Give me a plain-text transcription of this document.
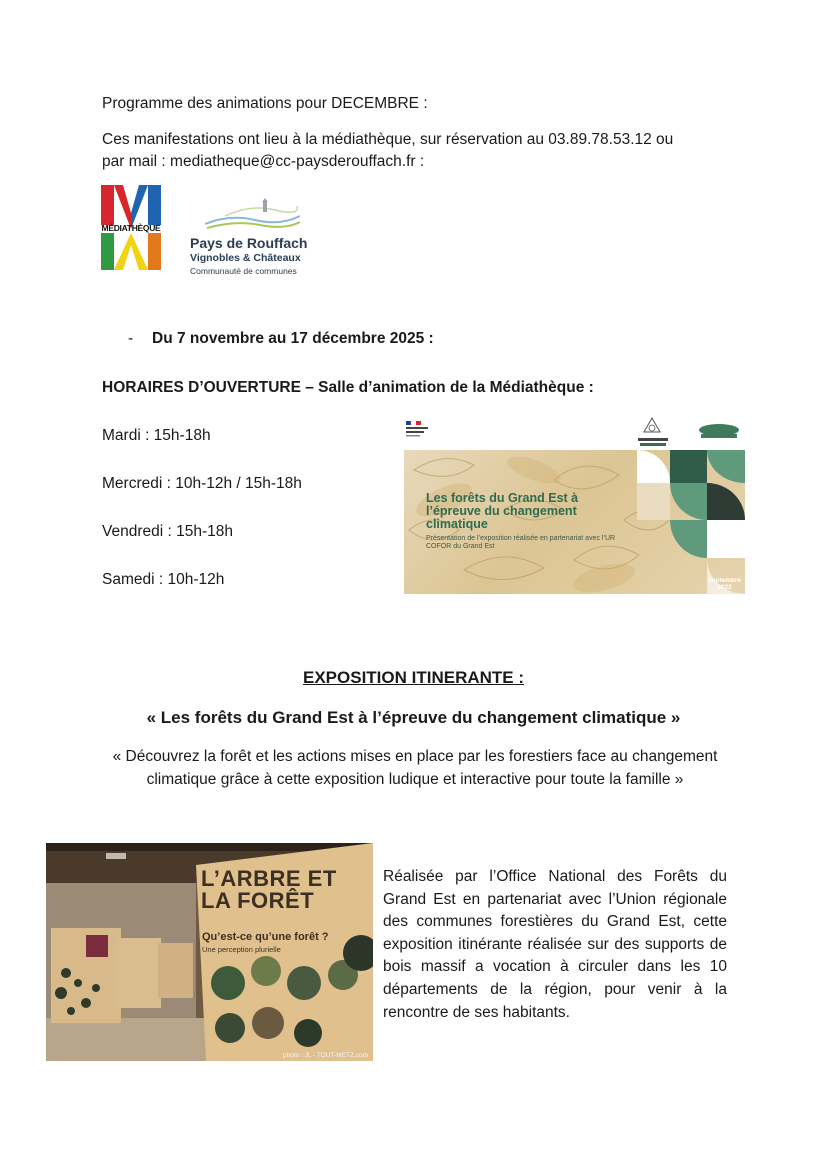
Programme des animations pour DECEMBRE :
Ces manifestations ont lieu à la médiathèque, sur réservation au 03.89.78.53.12 ou
par mail : mediatheque@cc-paysderouffach.fr :
MÉDIATHÈQUE
Pays de Rouffach
Vignobles & Châteaux
Communauté de communes
- Du 7 novembre au 17 décembre 2025 :
HORAIRES D’OUVERTURE – Salle d’animation de la Médiathèque :
Mardi : 15h-18h
Mercredi : 10h-12h / 15h-18h
Vendredi : 15h-18h
Samedi : 10h-12h
Les forêts du Grand Est à l’épreuve du changement climatique
Présentation de l’exposition réalisée en partenariat avec l’UR COFOR du Grand Est
septembre
2022
EXPOSITION ITINERANTE :
« Les forêts du Grand Est à l’épreuve du changement climatique »
« Découvrez la forêt et les actions mises en place par les forestiers face au changement climatique grâce à cette exposition ludique et interactive pour toute la famille »
L’ARBRE ET
LA FORÊT
Qu’est-ce qu’une forêt ?
Une perception plurielle
photo : JL - TOUT-METZ.com
Réalisée par l’Office National des Forêts du Grand Est en partenariat avec l’Union régionale des communes forestières du Grand Est, cette exposition itinérante réalisée sur des supports de bois massif a vocation à circuler dans les 10 départements de la région, pour venir à la rencontre de ses habitants.
